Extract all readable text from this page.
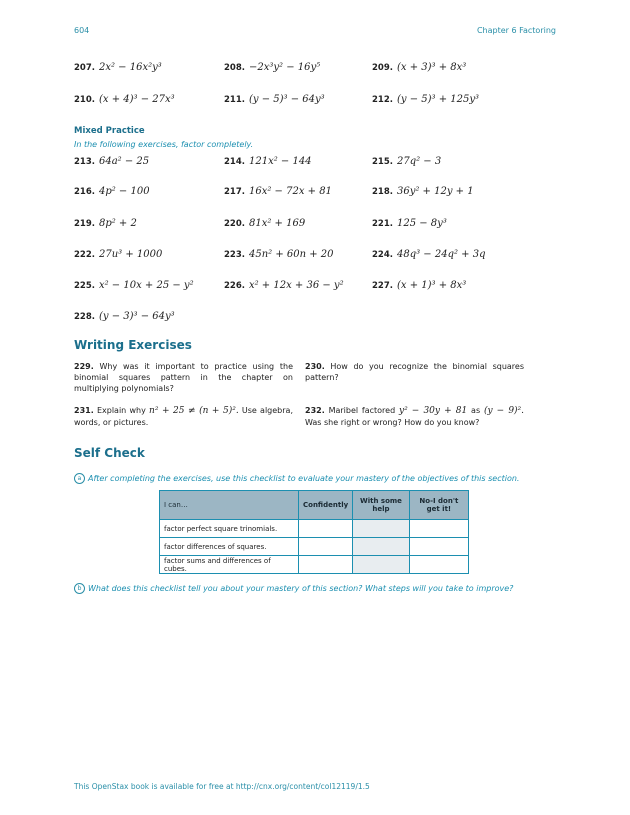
604	Chapter 6 Factoring
207. 2x² − 16x²y³	208. −2x³y² − 16y⁵	209. (x + 3)³ + 8x³
210. (x + 4)³ − 27x³	211. (y − 5)³ − 64y³	212. (y − 5)³ + 125y³
Mixed Practice
In the following exercises, factor completely.
213. 64a² − 25	214. 121x² − 144	215. 27q² − 3
216. 4p² − 100	217. 16x² − 72x + 81	218. 36y² + 12y + 1
219. 8p² + 2	220. 81x² + 169	221. 125 − 8y³
222. 27u³ + 1000	223. 45n² + 60n + 20	224. 48q³ − 24q² + 3q
225. x² − 10x + 25 − y²	226. x² + 12x + 36 − y²	227. (x + 1)³ + 8x³
228. (y − 3)³ − 64y³
Writing Exercises
229. Why was it important to practice using the binomial squares pattern in the chapter on multiplying polynomials?
230. How do you recognize the binomial squares pattern?
231. Explain why n² + 25 ≠ (n + 5)². Use algebra, words, or pictures.
232. Maribel factored y² − 30y + 81 as (y − 9)². Was she right or wrong? How do you know?
Self Check
a After completing the exercises, use this checklist to evaluate your mastery of the objectives of this section.
I can…	Confidently	With some help	No-I don't get it!
factor perfect square trinomials.			
factor differences of squares.			
factor sums and differences of cubes.			
b What does this checklist tell you about your mastery of this section? What steps will you take to improve?
This OpenStax book is available for free at http://cnx.org/content/col12119/1.5
